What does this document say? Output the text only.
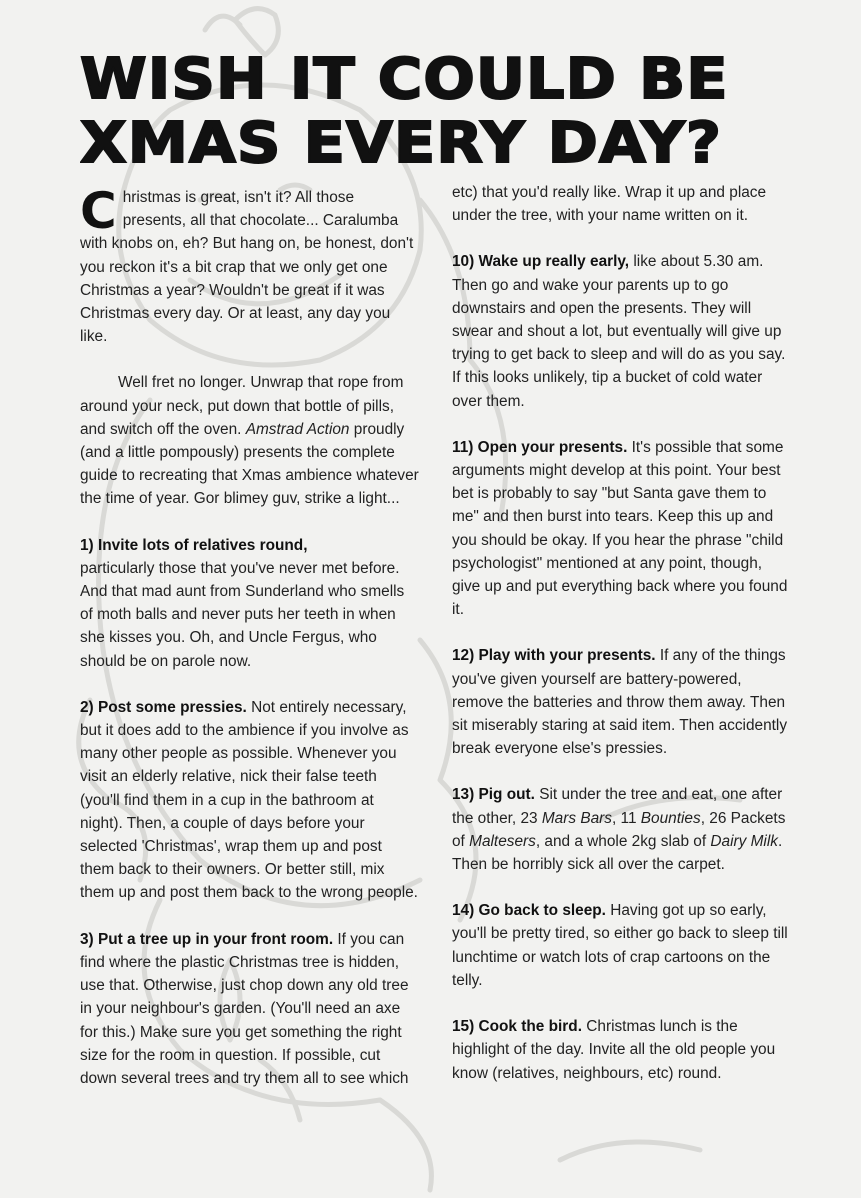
WISH IT COULD BE
XMAS EVERY DAY?

Christmas is great, isn't it? All those presents, all that chocolate... Caralumba with knobs on, eh? But hang on, be honest, don't you reckon it's a bit crap that we only get one Christmas a year? Wouldn't be great if it was Christmas every day. Or at least, any day you like.

Well fret no longer. Unwrap that rope from around your neck, put down that bottle of pills, and switch off the oven. Amstrad Action proudly (and a little pompously) presents the complete guide to recreating that Xmas ambience whatever the time of year. Gor blimey guv, strike a light...

1) Invite lots of relatives round,
particularly those that you've never met before. And that mad aunt from Sunderland who smells of moth balls and never puts her teeth in when she kisses you. Oh, and Uncle Fergus, who should be on parole now.

2) Post some pressies. Not entirely necessary, but it does add to the ambience if you involve as many other people as possible. Whenever you visit an elderly relative, nick their false teeth (you'll find them in a cup in the bathroom at night). Then, a couple of days before your selected 'Christmas', wrap them up and post them back to their owners. Or better still, mix them up and post them back to the wrong people.

3) Put a tree up in your front room. If you can find where the plastic Christmas tree is hidden, use that. Otherwise, just chop down any old tree in your neighbour's garden. (You'll need an axe for this.) Make sure you get something the right size for the room in question. If possible, cut down several trees and try them all to see which

etc) that you'd really like. Wrap it up and place under the tree, with your name written on it.

10) Wake up really early, like about 5.30 am. Then go and wake your parents up to go downstairs and open the presents. They will swear and shout a lot, but eventually will give up trying to get back to sleep and will do as you say. If this looks unlikely, tip a bucket of cold water over them.

11) Open your presents. It's possible that some arguments might develop at this point. Your best bet is probably to say "but Santa gave them to me" and then burst into tears. Keep this up and you should be okay. If you hear the phrase "child psychologist" mentioned at any point, though, give up and put everything back where you found it.

12) Play with your presents. If any of the things you've given yourself are battery-powered, remove the batteries and throw them away. Then sit miserably staring at said item. Then accidently break everyone else's pressies.

13) Pig out. Sit under the tree and eat, one after the other, 23 Mars Bars, 11 Bounties, 26 Packets of Maltesers, and a whole 2kg slab of Dairy Milk. Then be horribly sick all over the carpet.

14) Go back to sleep. Having got up so early, you'll be pretty tired, so either go back to sleep till lunchtime or watch lots of crap cartoons on the telly.

15) Cook the bird. Christmas lunch is the highlight of the day. Invite all the old people you know (relatives, neighbours, etc) round.
